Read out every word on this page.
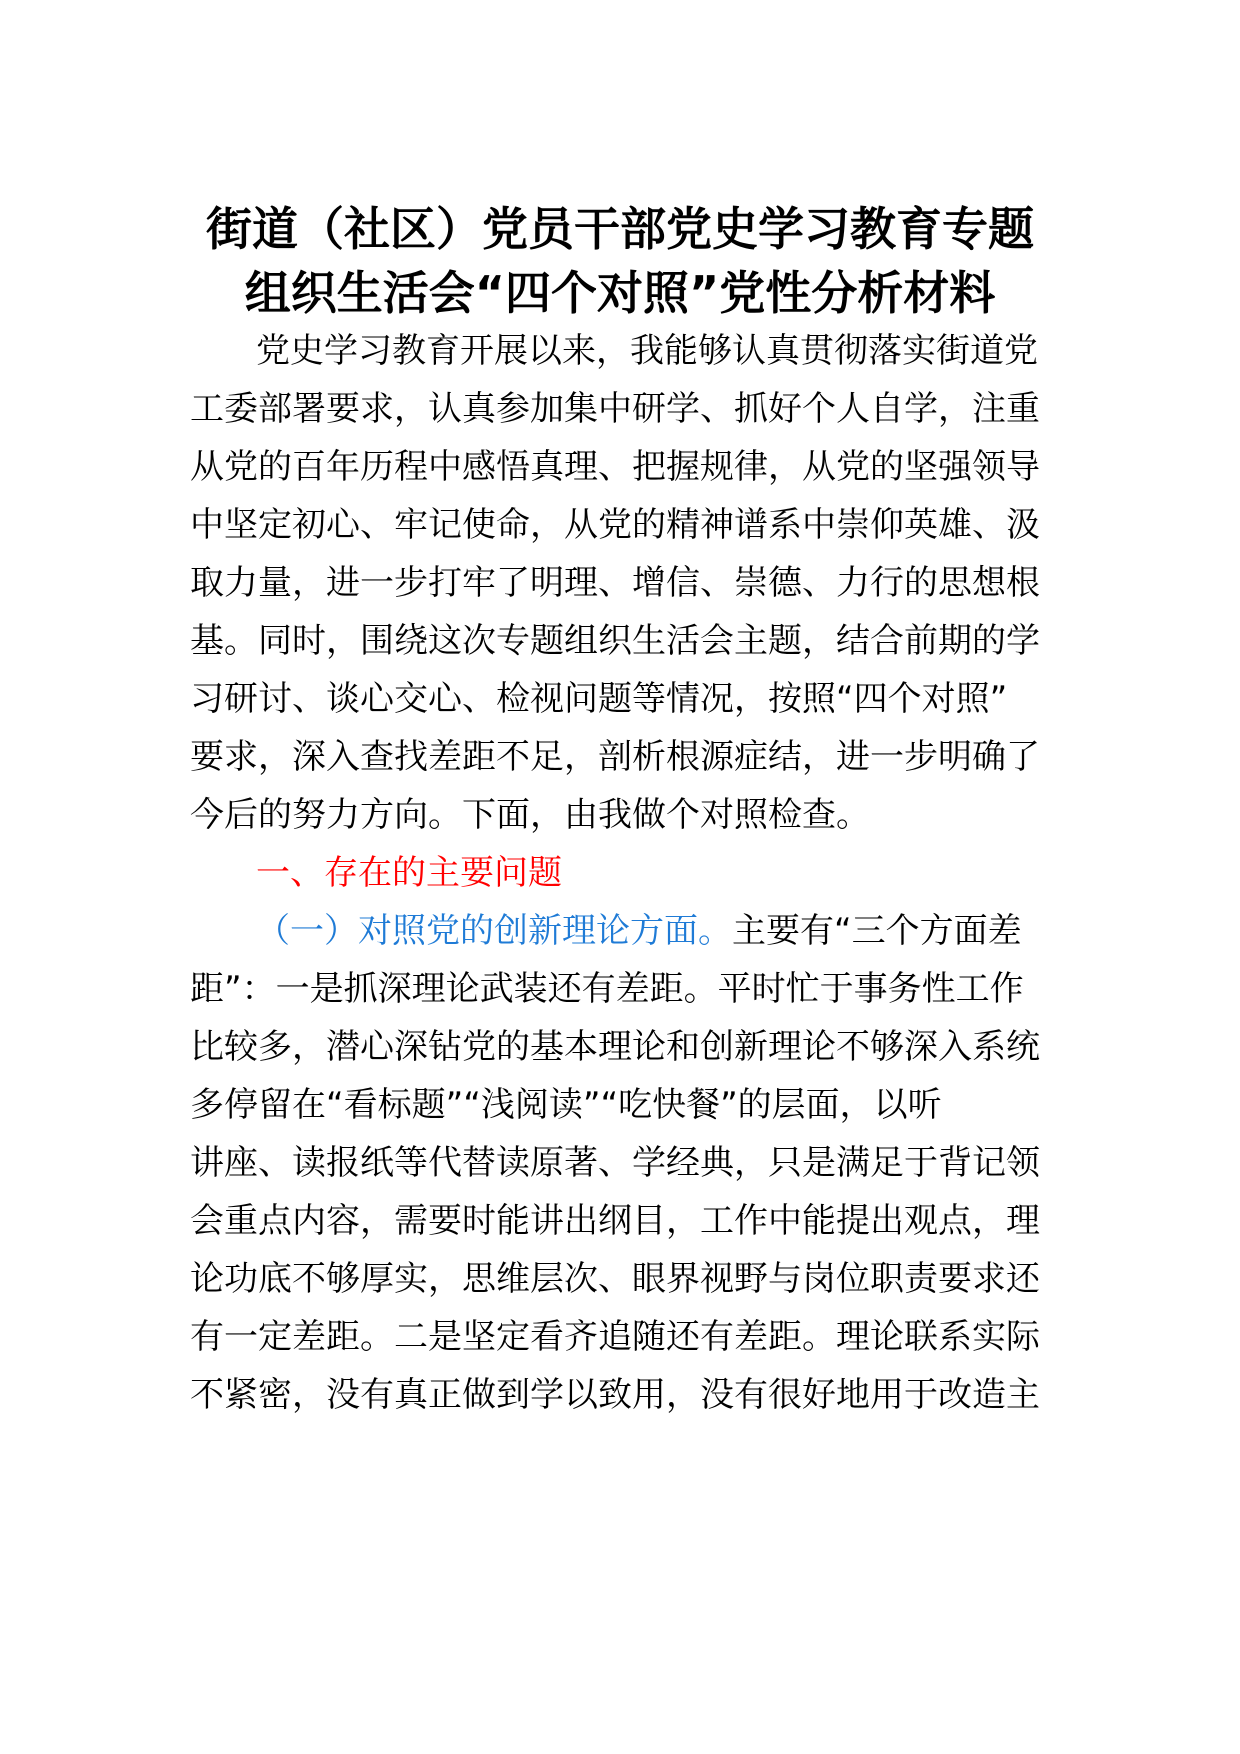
街道（社区）党员干部党史学习教育专题
组织生活会“四个对照”党性分析材料

党史学习教育开展以来，我能够认真贯彻落实街道党

工委部署要求，认真参加集中研学、抓好个人自学，注重

从党的百年历程中感悟真理、把握规律，从党的坚强领导

中坚定初心、牢记使命，从党的精神谱系中崇仰英雄、汲

取力量，进一步打牢了明理、增信、崇德、力行的思想根

基。同时，围绕这次专题组织生活会主题，结合前期的学

习研讨、谈心交心、检视问题等情况，按照“四个对照”

要求，深入查找差距不足，剖析根源症结，进一步明确了

今后的努力方向。下面，由我做个对照检查。

一、存在的主要问题

（一）对照党的创新理论方面。主要有“三个方面差

距”：一是抓深理论武装还有差距。平时忙于事务性工作

比较多，潜心深钻党的基本理论和创新理论不够深入系统

多停留在“看标题”“浅阅读”“吃快餐”的层面，以听

讲座、读报纸等代替读原著、学经典，只是满足于背记领

会重点内容，需要时能讲出纲目，工作中能提出观点，理

论功底不够厚实，思维层次、眼界视野与岗位职责要求还

有一定差距。二是坚定看齐追随还有差距。理论联系实际

不紧密，没有真正做到学以致用，没有很好地用于改造主
